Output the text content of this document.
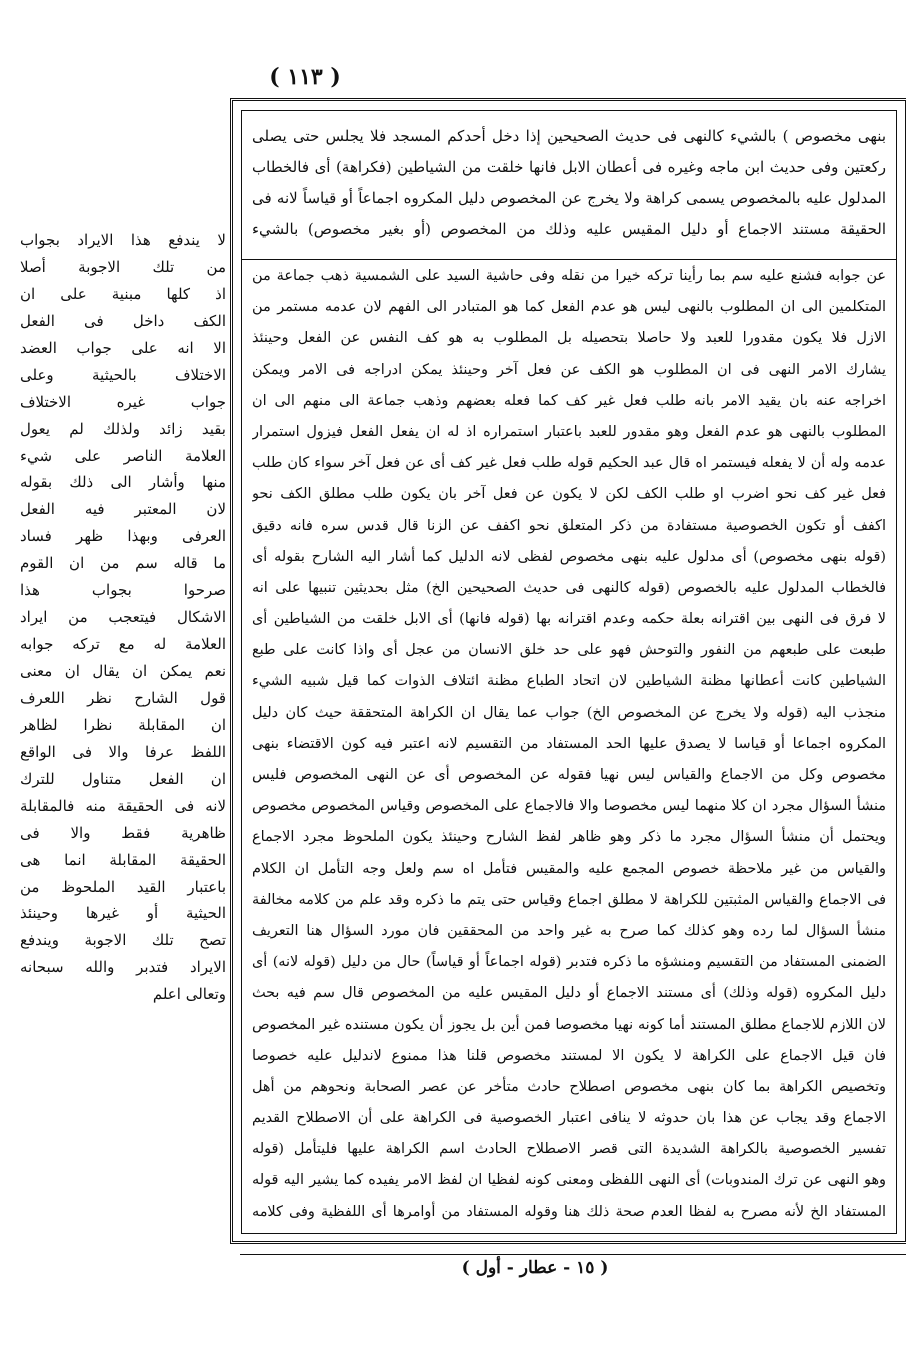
( ١١٣ )
بنهى مخصوص ) بالشيء كالنهى فى حديث الصحيحين إذا دخل أحدكم المسجد فلا يجلس حتى يصلى
ركعتين وفى حديث ابن ماجه وغيره فى أعطان الابل فانها خلقت من الشياطين (فكراهة) أى فالخطاب
المدلول عليه بالمخصوص يسمى كراهة ولا يخرج عن المخصوص دليل المكروه اجماعاً أو قياساً لانه فى
الحقيقة مستند الاجماع أو دليل المقيس عليه وذلك من المخصوص (أو بغير مخصوص) بالشيء
عن جوابه فشنع عليه سم بما رأينا تركه خيرا من نقله وفى حاشية السيد على الشمسية ذهب جماعة من
المتكلمين الى ان المطلوب بالنهى ليس هو عدم الفعل كما هو المتبادر الى الفهم لان عدمه مستمر من
الازل فلا يكون مقدورا للعبد ولا حاصلا بتحصيله بل المطلوب به هو كف النفس عن الفعل وحينئذ
يشارك الامر النهى فى ان المطلوب هو الكف عن فعل آخر وحينئذ يمكن ادراجه فى الامر ويمكن
اخراجه عنه بان يقيد الامر بانه طلب فعل غير كف كما فعله بعضهم وذهب جماعة الى منهم الى ان
المطلوب بالنهى هو عدم الفعل وهو مقدور للعبد باعتبار استمراره اذ له ان يفعل الفعل فيزول استمرار
عدمه وله أن لا يفعله فيستمر اه قال عبد الحكيم قوله طلب فعل غير كف أى عن فعل آخر سواء كان طلب
فعل غير كف نحو اضرب او طلب الكف لكن لا يكون عن فعل آخر بان يكون طلب مطلق الكف نحو
اكفف أو تكون الخصوصية مستفادة من ذكر المتعلق نحو اكفف عن الزنا قال قدس سره فانه دقيق
(قوله بنهى مخصوص) أى مدلول عليه بنهى مخصوص لفظى لانه الدليل كما أشار اليه الشارح بقوله أى
فالخطاب المدلول عليه بالخصوص (قوله كالنهى فى حديث الصحيحين الخ) مثل بحديثين تنبيها على انه
لا فرق فى النهى بين اقترانه بعلة حكمه وعدم اقترانه بها (قوله فانها) أى الابل خلقت من الشياطين أى
طبعت على طبعهم من النفور والتوحش فهو على حد خلق الانسان من عجل أى واذا كانت على طبع
الشياطين كانت أعطانها مظنة الشياطين لان اتحاد الطباع مظنة ائتلاف الذوات كما قيل شبيه الشيء
منجذب اليه (قوله ولا يخرج عن المخصوص الخ) جواب عما يقال ان الكراهة المتحققة حيث كان دليل
المكروه اجماعا أو قياسا لا يصدق عليها الحد المستفاد من التقسيم لانه اعتبر فيه كون الاقتضاء بنهى
مخصوص وكل من الاجماع والقياس ليس نهيا فقوله عن المخصوص أى عن النهى المخصوص فليس
منشأ السؤال مجرد ان كلا منهما ليس مخصوصا والا فالاجماع على المخصوص وقياس المخصوص مخصوص
ويحتمل أن منشأ السؤال مجرد ما ذكر وهو ظاهر لفظ الشارح وحينئذ يكون الملحوظ مجرد الاجماع
والقياس من غير ملاحظة خصوص المجمع عليه والمقيس فتأمل اه سم ولعل وجه التأمل ان الكلام
فى الاجماع والقياس المثبتين للكراهة لا مطلق اجماع وقياس حتى يتم ما ذكره وقد علم من كلامه مخالفة
منشأ السؤال لما رده وهو كذلك كما صرح به غير واحد من المحققين فان مورد السؤال هنا التعريف
الضمنى المستفاد من التقسيم ومنشؤه ما ذكره فتدبر (قوله اجماعاً أو قياساً) حال من دليل (قوله لانه) أى
دليل المكروه (قوله وذلك) أى مستند الاجماع أو دليل المقيس عليه من المخصوص قال سم فيه بحث
لان اللازم للاجماع مطلق المستند أما كونه نهيا مخصوصا فمن أين بل يجوز أن يكون مستنده غير المخصوص
فان قيل الاجماع على الكراهة لا يكون الا لمستند مخصوص قلنا هذا ممنوع لاندليل عليه خصوصا
وتخصيص الكراهة بما كان بنهى مخصوص اصطلاح حادث متأخر عن عصر الصحابة ونحوهم من أهل
الاجماع وقد يجاب عن هذا بان حدوثه لا ينافى اعتبار الخصوصية فى الكراهة على أن الاصطلاح القديم
تفسير الخصوصية بالكراهة الشديدة التى قصر الاصطلاح الحادث اسم الكراهة عليها فليتأمل (قوله
وهو النهى عن ترك المندوبات) أى النهى اللفظى ومعنى كونه لفظيا ان لفظ الامر يفيده كما يشير اليه قوله
المستفاد الخ لأنه مصرح به لفظا العدم صحة ذلك هنا وقوله المستفاد من أوامرها أى اللفظية وفى كلامه
لا يندفع هذا الايراد بجواب
من تلك الاجوبة أصلا
اذ كلها مبنية على ان
الكف داخل فى الفعل
الا انه على جواب العضد
الاختلاف بالحيثية وعلى
جواب غيره الاختلاف
بقيد زائد ولذلك لم يعول
العلامة الناصر على شيء
منها وأشار الى ذلك بقوله
لان المعتبر فيه الفعل
العرفى وبهذا ظهر فساد
ما قاله سم من ان القوم
صرحوا بجواب هذا
الاشكال فيتعجب من ايراد
العلامة له مع تركه جوابه
نعم يمكن ان يقال ان معنى
قول الشارح نظر اللعرف
ان المقابلة نظرا لظاهر
اللفظ عرفا والا فى الواقع
ان الفعل متناول للترك
لانه فى الحقيقة منه فالمقابلة
ظاهرية فقط والا فى
الحقيقة المقابلة انما هى
باعتبار القيد الملحوظ من
الحيثية أو غيرها وحينئذ
تصح تلك الاجوبة ويندفع
الايراد فتدبر والله سبحانه
وتعالى اعلم
( ١٥ - عطار - أول )
